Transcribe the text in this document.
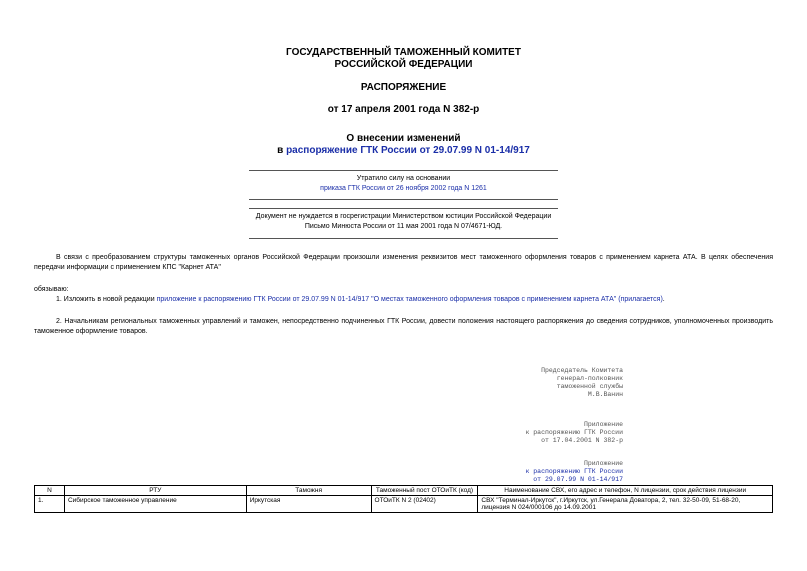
ГОСУДАРСТВЕННЫЙ ТАМОЖЕННЫЙ КОМИТЕТ
РОССИЙСКОЙ ФЕДЕРАЦИИ
РАСПОРЯЖЕНИЕ
от 17 апреля 2001 года N 382-р
О внесении изменений
в распоряжение ГТК России от 29.07.99 N 01-14/917
Утратило силу на основании
приказа ГТК России от 26 ноября 2002 года N 1261
Документ не нуждается в госрегистрации Министерством юстиции Российской Федерации
Письмо Минюста России от 11 мая 2001 года N 07/4671-ЮД.
В связи с преобразованием структуры таможенных органов Российской Федерации произошли изменения реквизитов мест таможенного оформления товаров с применением карнета АТА. В целях обеспечения передачи информации с применением КПС "Карнет АТА"
обязываю:
1. Изложить в новой редакции приложение к распоряжению ГТК России от 29.07.99 N 01-14/917 "О местах таможенного оформления товаров с применением карнета АТА" (прилагается).
2. Начальникам региональных таможенных управлений и таможен, непосредственно подчиненных ГТК России, довести положения настоящего распоряжения до сведения сотрудников, уполномоченных производить таможенное оформление товаров.
Председатель Комитета
генерал-полковник
таможенной службы
М.В.Ванин
Приложение
к распоряжению ГТК России
от 17.04.2001 N 382-р
Приложение
к распоряжению ГТК России
от 29.07.99 N 01-14/917
N	РТУ	Таможня	Таможенный пост ОТОиТК (код)	Наименование СВХ, его адрес и телефон, N лицензии, срок действия лицензии
1.	Сибирское таможенное управление	Иркутская	ОТОиТК N 2 (02402)	СВХ "Терминал-Иркутск", г.Иркутск, ул.Генерала Доватора, 2, тел. 32-50-09, 51-68-20, лицензия N 024/000106 до 14.09.2001
